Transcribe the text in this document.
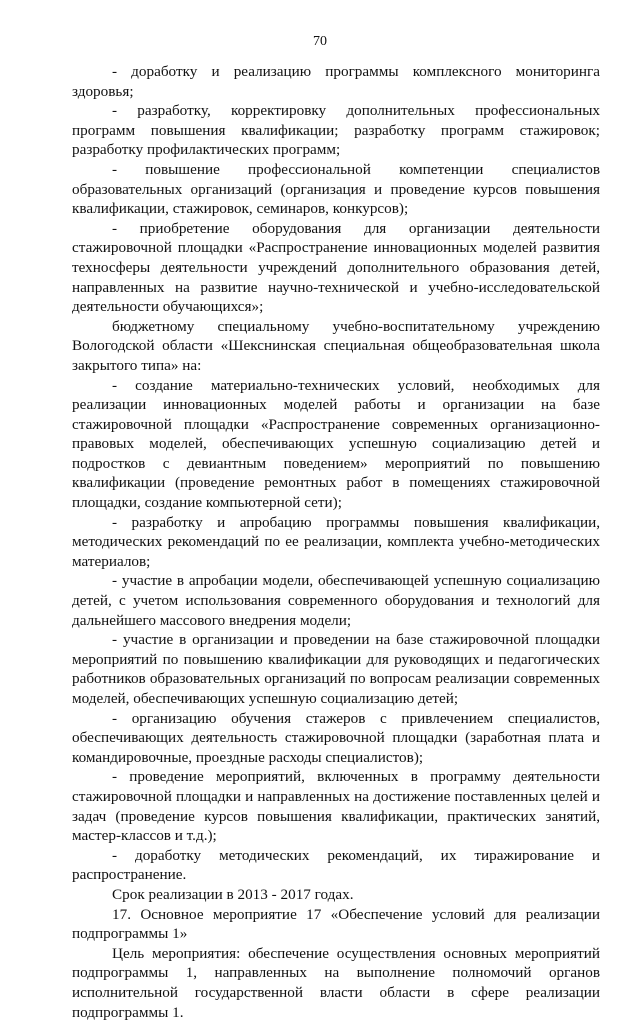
70

- доработку и реализацию программы комплексного мониторинга здоровья;

- разработку, корректировку дополнительных профессиональных программ повышения квалификации; разработку программ стажировок; разработку профилактических программ;

- повышение профессиональной компетенции специалистов образовательных организаций (организация и проведение курсов повышения квалификации, стажировок, семинаров, конкурсов);

- приобретение оборудования для организации деятельности стажировочной площадки «Распространение инновационных моделей развития техносферы деятельности учреждений дополнительного образования детей, направленных на развитие научно-технической и учебно-исследовательской деятельности обучающихся»;

бюджетному специальному учебно-воспитательному учреждению Вологодской области «Шекснинская специальная общеобразовательная школа закрытого типа» на:

- создание материально-технических условий, необходимых для реализации инновационных моделей работы и организации на базе стажировочной площадки «Распространение современных организационно-правовых моделей, обеспечивающих успешную социализацию детей и подростков с девиантным поведением» мероприятий по повышению квалификации (проведение ремонтных работ в помещениях стажировочной площадки, создание компьютерной сети);

- разработку и апробацию программы повышения квалификации, методических рекомендаций по ее реализации, комплекта учебно-методических материалов;

- участие в апробации модели, обеспечивающей успешную социализацию детей, с учетом использования современного оборудования и технологий для дальнейшего массового внедрения модели;

- участие в организации и проведении на базе стажировочной площадки мероприятий по повышению квалификации для руководящих и педагогических работников образовательных организаций по вопросам реализации современных моделей, обеспечивающих успешную социализацию детей;

- организацию обучения стажеров с привлечением специалистов, обеспечивающих деятельность стажировочной площадки (заработная плата и командировочные, проездные расходы специалистов);

- проведение мероприятий, включенных в программу деятельности стажировочной площадки и направленных на достижение поставленных целей и задач (проведение курсов повышения квалификации, практических занятий, мастер-классов и т.д.);

- доработку методических рекомендаций, их тиражирование и распространение.

Срок реализации в 2013 - 2017 годах.

17. Основное мероприятие 17 «Обеспечение условий для реализации подпрограммы 1»

Цель мероприятия: обеспечение осуществления основных мероприятий подпрограммы 1, направленных на выполнение полномочий органов исполнительной государственной власти области в сфере реализации подпрограммы 1.
